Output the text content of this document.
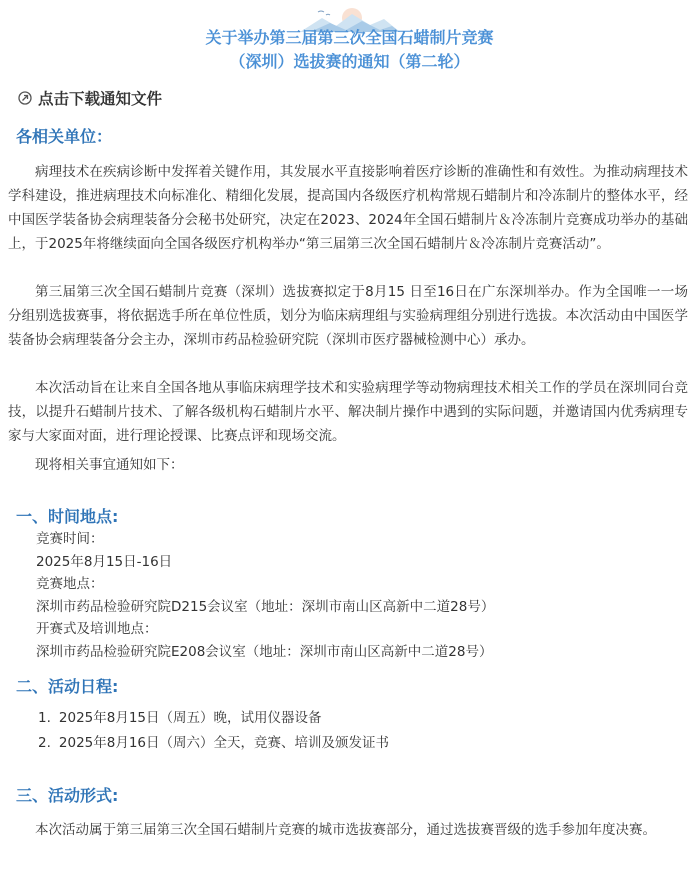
关于举办第三届第三次全国石蜡制片竞赛
（深圳）选拔赛的通知（第二轮）
点击下载通知文件
各相关单位：

病理技术在疾病诊断中发挥着关键作用，其发展水平直接影响着医疗诊断的准确性和有效性。为推动病理技术学科建设，推进病理技术向标准化、精细化发展，提高国内各级医疗机构常规石蜡制片和冷冻制片的整体水平，经中国医学装备协会病理装备分会秘书处研究，决定在2023、2024年全国石蜡制片＆冷冻制片竞赛成功举办的基础上，于2025年将继续面向全国各级医疗机构举办“第三届第三次全国石蜡制片＆冷冻制片竞赛活动”。

第三届第三次全国石蜡制片竞赛（深圳）选拔赛拟定于8月15 日至16日在广东深圳举办。作为全国唯一一场分组别选拔赛事，将依据选手所在单位性质，划分为临床病理组与实验病理组分别进行选拔。本次活动由中国医学装备协会病理装备分会主办，深圳市药品检验研究院（深圳市医疗器械检测中心）承办。

本次活动旨在让来自全国各地从事临床病理学技术和实验病理学等动物病理技术相关工作的学员在深圳同台竞技，以提升石蜡制片技术、了解各级机构石蜡制片水平、解决制片操作中遇到的实际问题，并邀请国内优秀病理专家与大家面对面，进行理论授课、比赛点评和现场交流。

现将相关事宜通知如下：

一、时间地点:
竞赛时间：
2025年8月15日-16日
竞赛地点：
深圳市药品检验研究院D215会议室（地址：深圳市南山区高新中二道28号）
开赛式及培训地点：
深圳市药品检验研究院E208会议室（地址：深圳市南山区高新中二道28号）
二、活动日程:
1. 2025年8月15日（周五）晚，试用仪器设备
2. 2025年8月16日（周六）全天，竞赛、培训及颁发证书
三、活动形式:

本次活动属于第三届第三次全国石蜡制片竞赛的城市选拔赛部分，通过选拔赛晋级的选手参加年度决赛。
